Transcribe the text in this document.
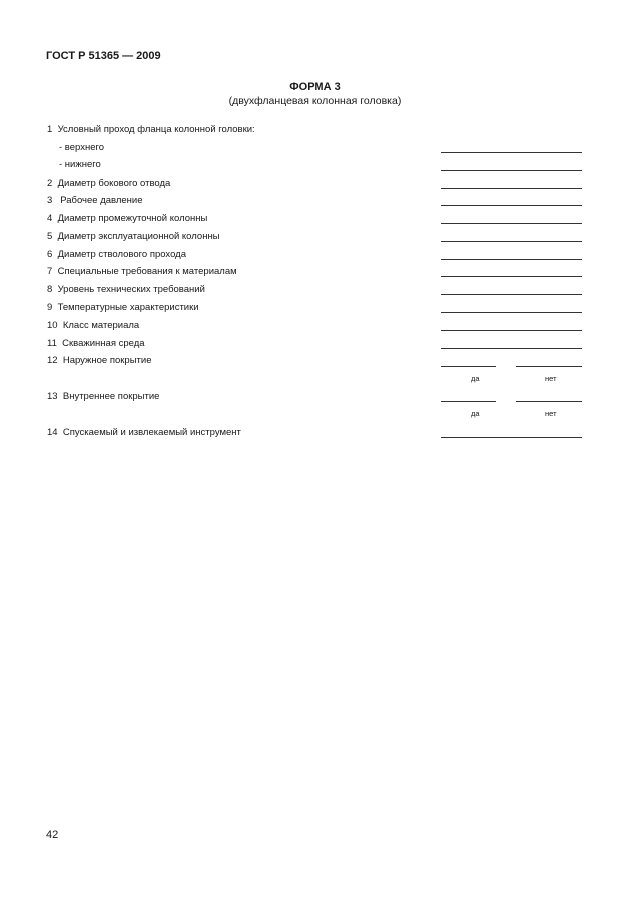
ГОСТ Р 51365 — 2009
ФОРМА 3
(двухфланцевая колонная головка)
1 Условный проход фланца колонной головки:
- верхнего
- нижнего
2 Диаметр бокового отвода
3   Рабочее давление
4 Диаметр промежуточной колонны
5 Диаметр эксплуатационной колонны
6 Диаметр стволового прохода
7 Специальные требования к материалам
8 Уровень технических требований
9 Температурные характеристики
10 Класс материала
11 Скважинная среда
12 Наружное покрытие
да	нет
13 Внутреннее покрытие
да	нет
14 Спускаемый и извлекаемый инструмент
42
